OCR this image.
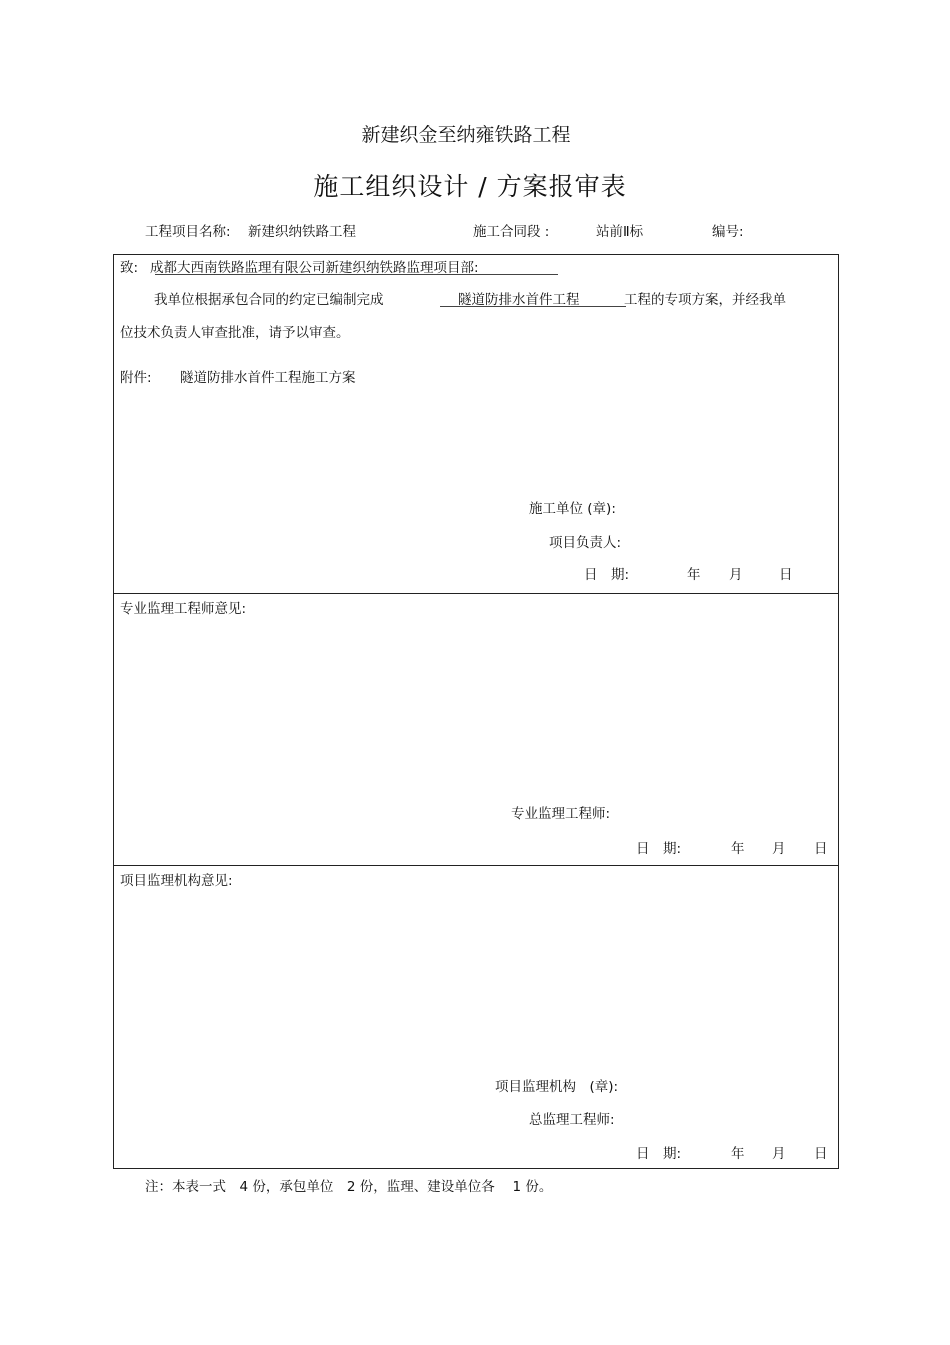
新建织金至纳雍铁路工程
施工组织设计 / 方案报审表
工程项目名称: 新建织纳铁路工程	施工合同段 :	站前Ⅱ标	编号:
致: 成都大西南铁路监理有限公司新建织纳铁路监理项目部:
我单位根据承包合同的约定已编制完成	隧道防排水首件工程	工程的专项方案，并经我单
位技术负责人审查批准，请予以审查。
附件: 隧道防排水首件工程施工方案
施工单位 (章):
项目负责人:
日　期:	年 月	日
专业监理工程师意见:
专业监理工程师:
日　期:	年 月 日
项目监理机构意见:
项目监理机构　(章):
总监理工程师:
日　期:	年 月 日
注：本表一式　4 份，承包单位　2 份，监理、建设单位各　 1 份。
